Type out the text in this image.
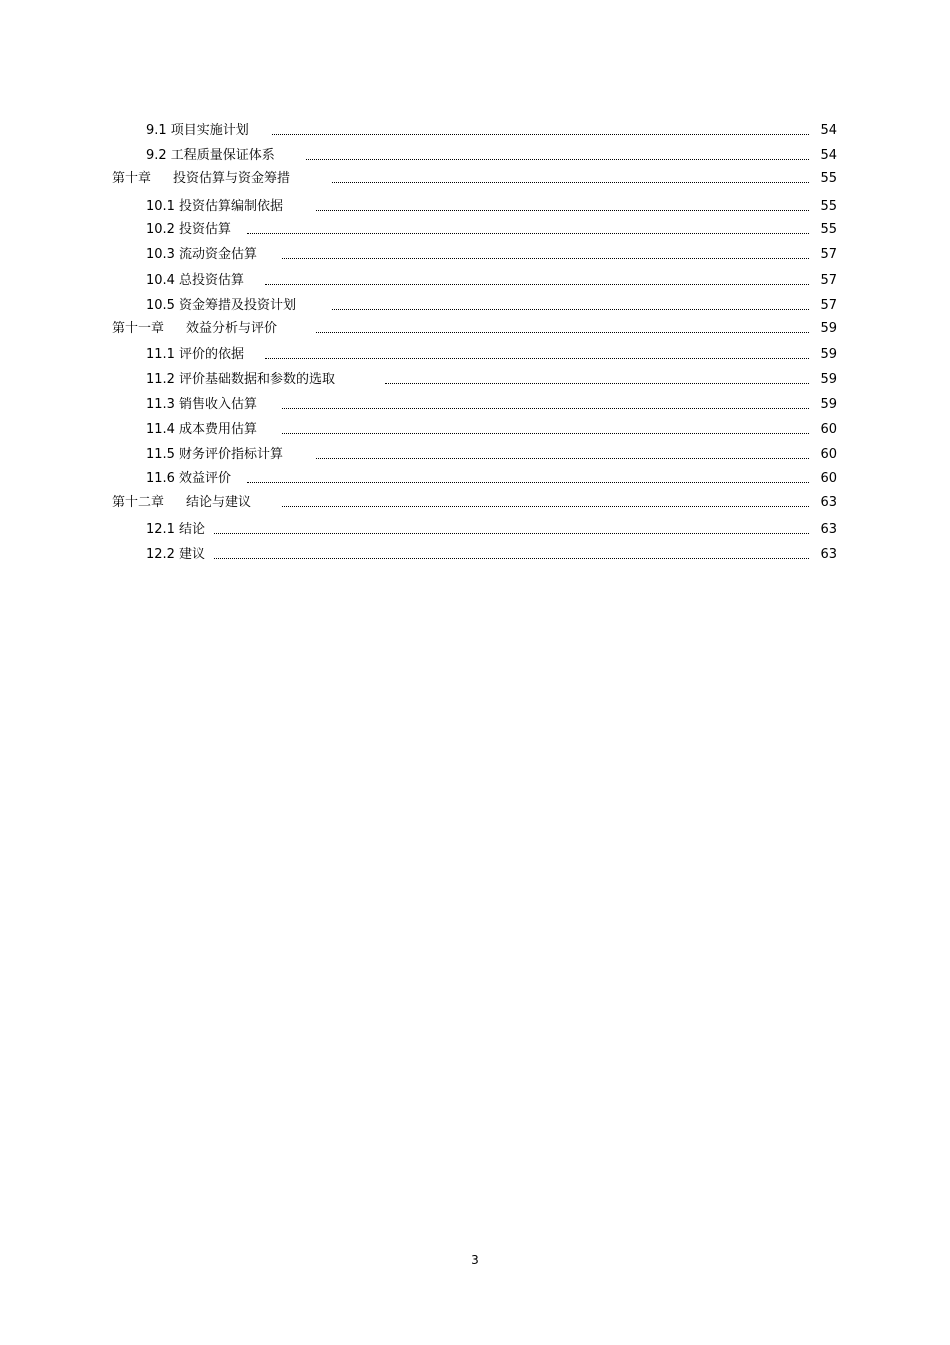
9.1 项目实施计划	54
9.2 工程质量保证体系	54
第十章 投资估算与资金筹措	55
10.1 投资估算编制依据	55
10.2 投资估算	55
10.3 流动资金估算	57
10.4 总投资估算	57
10.5 资金筹措及投资计划	57
第十一章 效益分析与评价	59
11.1 评价的依据	59
11.2 评价基础数据和参数的选取	59
11.3 销售收入估算	59
11.4 成本费用估算	60
11.5 财务评价指标计算	60
11.6 效益评价	60
第十二章 结论与建议	63
12.1 结论	63
12.2 建议	63
3
